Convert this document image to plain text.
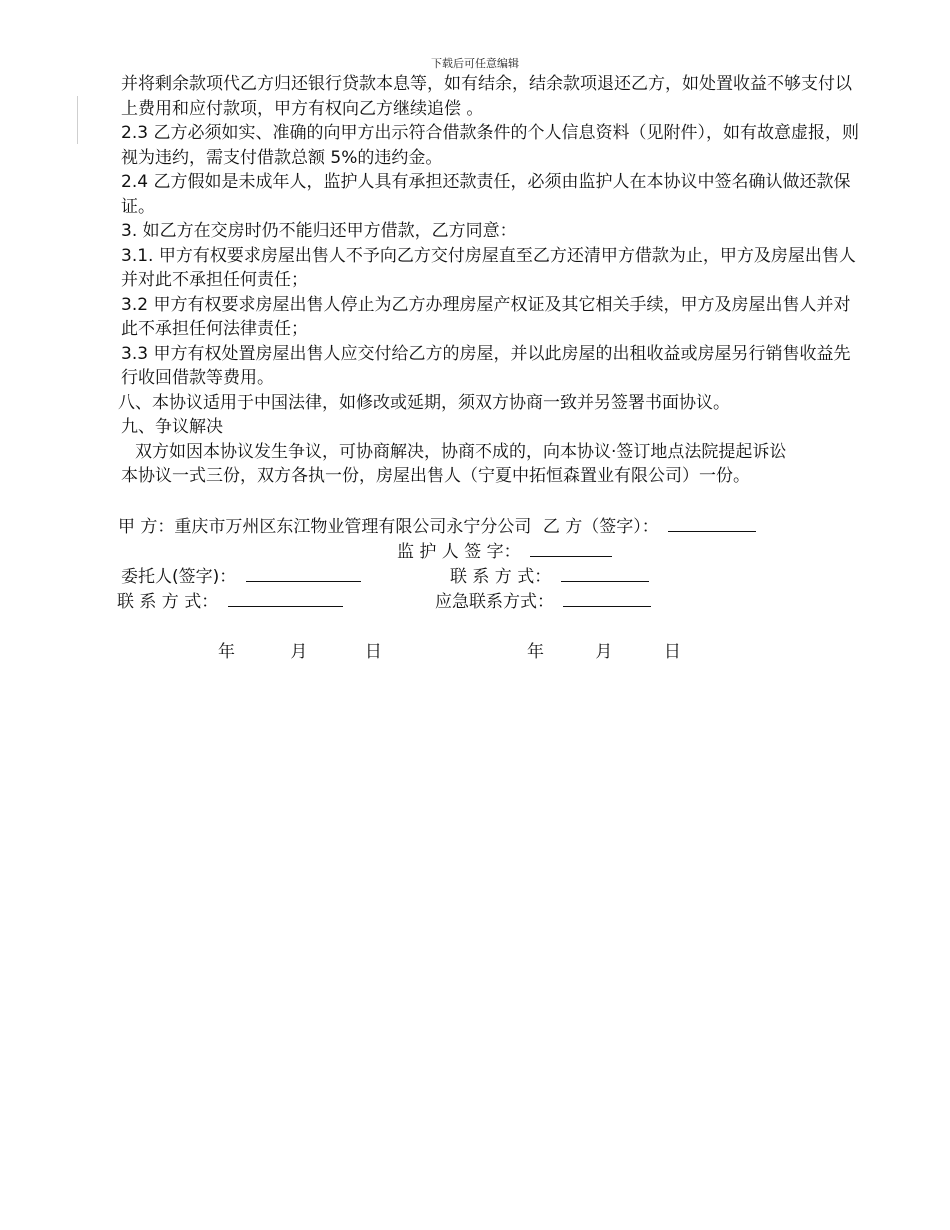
下载后可任意编辑

并将剩余款项代乙方归还银行贷款本息等，如有结余，结余款项退还乙方，如处置收益不够支付以上费用和应付款项，甲方有权向乙方继续追偿 。

2.3 乙方必须如实、准确的向甲方出示符合借款条件的个人信息资料（见附件），如有故意虚报，则视为违约，需支付借款总额 5%的违约金。

2.4 乙方假如是未成年人，监护人具有承担还款责任，必须由监护人在本协议中签名确认做还款保证。

3. 如乙方在交房时仍不能归还甲方借款，乙方同意：

3.1. 甲方有权要求房屋出售人不予向乙方交付房屋直至乙方还清甲方借款为止，甲方及房屋出售人并对此不承担任何责任；

3.2 甲方有权要求房屋出售人停止为乙方办理房屋产权证及其它相关手续，甲方及房屋出售人并对此不承担任何法律责任；

3.3 甲方有权处置房屋出售人应交付给乙方的房屋，并以此房屋的出租收益或房屋另行销售收益先行收回借款等费用。

八、本协议适用于中国法律，如修改或延期，须双方协商一致并另签署书面协议。

九、争议解决

双方如因本协议发生争议，可协商解决，协商不成的，向本协议·签订地点法院提起诉讼

本协议一式三份，双方各执一份，房屋出售人（宁夏中拓恒森置业有限公司）一份。

甲 方：重庆市万州区东江物业管理有限公司永宁分公司 乙 方（签字）：
监 护 人 签 字：
委托人(签字)：	联 系 方 式：
联 系 方 式：	应急联系方式：
年	月	日	年	月	日
